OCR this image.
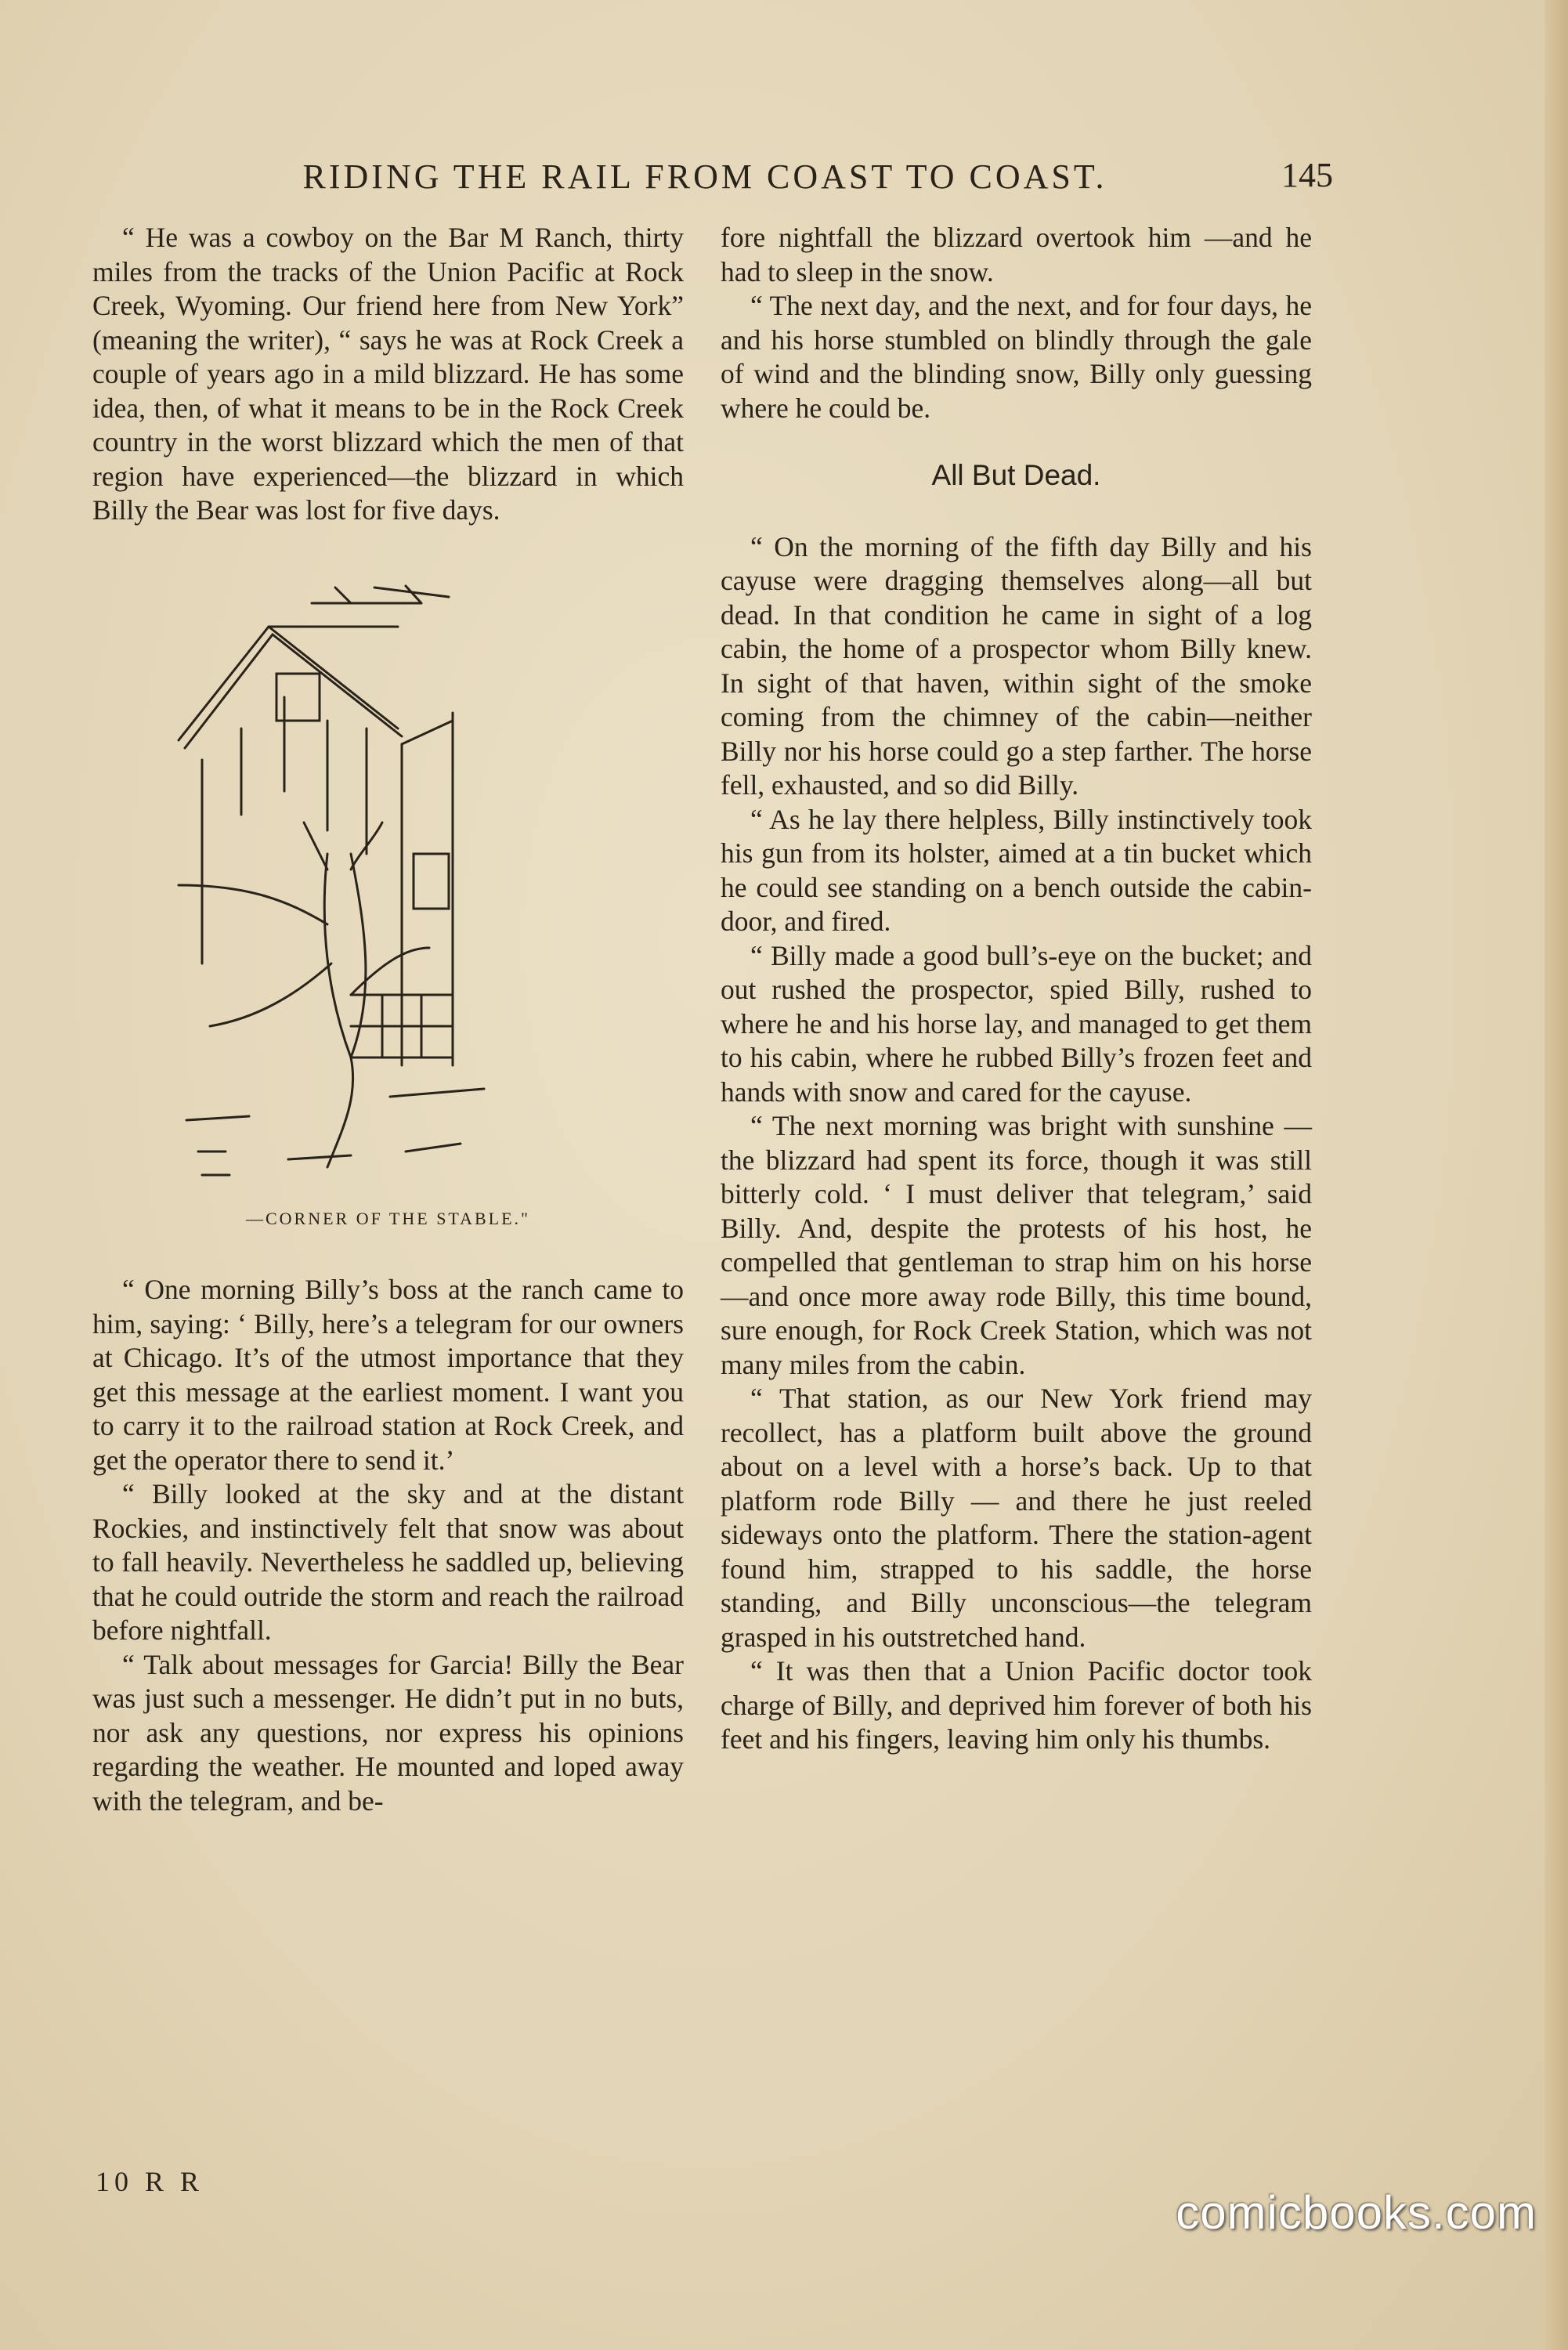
RIDING THE RAIL FROM COAST TO COAST.	145

“ He was a cowboy on the Bar M Ranch, thirty miles from the tracks of the Union Pacific at Rock Creek, Wyoming. Our friend here from New York” (meaning the writer), “ says he was at Rock Creek a couple of years ago in a mild blizzard. He has some idea, then, of what it means to be in the Rock Creek country in the worst blizzard which the men of that region have experienced—the blizzard in which Billy the Bear was lost for five days.

—CORNER OF THE STABLE."

“ One morning Billy’s boss at the ranch came to him, saying: ‘ Billy, here’s a telegram for our owners at Chicago. It’s of the utmost importance that they get this message at the earliest moment. I want you to carry it to the railroad station at Rock Creek, and get the operator there to send it.’

“ Billy looked at the sky and at the distant Rockies, and instinctively felt that snow was about to fall heavily. Nevertheless he saddled up, believing that he could outride the storm and reach the railroad before nightfall.

“ Talk about messages for Garcia! Billy the Bear was just such a messenger. He didn’t put in no buts, nor ask any questions, nor express his opinions regarding the weather. He mounted and loped away with the telegram, and be-

fore nightfall the blizzard overtook him —and he had to sleep in the snow.

“ The next day, and the next, and for four days, he and his horse stumbled on blindly through the gale of wind and the blinding snow, Billy only guessing where he could be.

All But Dead.

“ On the morning of the fifth day Billy and his cayuse were dragging themselves along—all but dead. In that condition he came in sight of a log cabin, the home of a prospector whom Billy knew. In sight of that haven, within sight of the smoke coming from the chimney of the cabin—neither Billy nor his horse could go a step farther. The horse fell, exhausted, and so did Billy.

“ As he lay there helpless, Billy instinctively took his gun from its holster, aimed at a tin bucket which he could see standing on a bench outside the cabin-door, and fired.

“ Billy made a good bull’s-eye on the bucket; and out rushed the prospector, spied Billy, rushed to where he and his horse lay, and managed to get them to his cabin, where he rubbed Billy’s frozen feet and hands with snow and cared for the cayuse.

“ The next morning was bright with sunshine — the blizzard had spent its force, though it was still bitterly cold. ‘ I must deliver that telegram,’ said Billy. And, despite the protests of his host, he compelled that gentleman to strap him on his horse—and once more away rode Billy, this time bound, sure enough, for Rock Creek Station, which was not many miles from the cabin.

“ That station, as our New York friend may recollect, has a platform built above the ground about on a level with a horse’s back. Up to that platform rode Billy — and there he just reeled sideways onto the platform. There the station-agent found him, strapped to his saddle, the horse standing, and Billy unconscious—the telegram grasped in his outstretched hand.

“ It was then that a Union Pacific doctor took charge of Billy, and deprived him forever of both his feet and his fingers, leaving him only his thumbs.

10 R R
comicbooks.com
